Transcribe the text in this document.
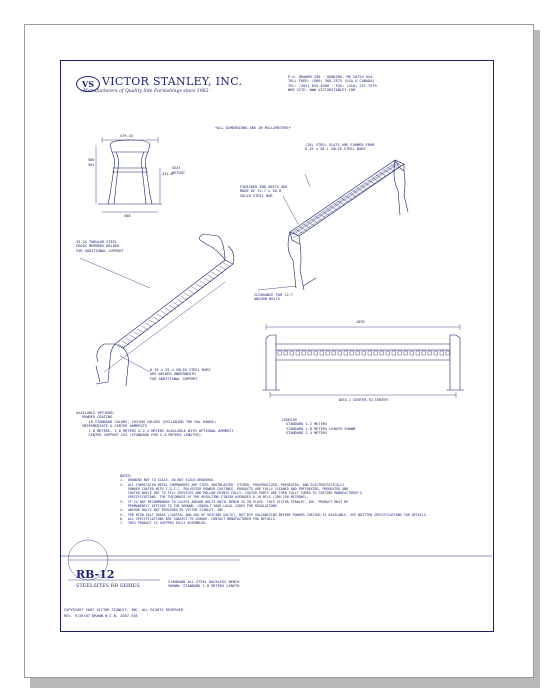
VS VICTOR STANLEY, INC.
- Manufacturers of Quality Site Furnishings since 1962 -
P.O. DRAWER 330 · DUNKIRK, MD 20754 USA
TOLL FREE: (800) 368-2573 (USA & CANADA)
TEL: (301) 855-8300 · FAX: (410) 257-7579
WEB SITE: WWW.VICTORSTANLEY.COM
*ALL DIMENSIONS ARE IN MILLIMETERS*
479.43
586
564
431.8
SEAT
HEIGHT
508
(28) STEEL SLATS ARE FORMED FROM
6.35 x 38.1 SOLID STEEL BARS
FINISHED END UNITS ARE
MADE OF 12.7 x 50.8
SOLID STEEL BAR
CLEARANCE FOR 12.7
ANCHOR BOLTS
33.34 TUBULAR STEEL
CROSS MEMBERS WELDED
FOR ADDITIONAL SUPPORT
6.35 x 25.4 SOLID STEEL BARS
ARE WELDED UNDERNEATH
FOR ADDITIONAL SUPPORT
1895
1854.2 CENTER-TO-CENTER
AVAILABLE OPTIONS:
POWDER COATING
18 STANDARD COLORS, CUSTOM COLORS (EXCLUDING THE RAL RANGE)
INTERMEDIATE & CENTER ARMRESTS
1.8 METERS, 1.8 METERS & 2.4 METERS AVAILABLE WITH OPTIONAL ARMREST
CENTER SUPPORT LEG (STANDARD FOR 2.4 METERS LENGTHS)
LENGTHS
STANDARD 1.2 METERS
STANDARD 1.8 METERS LENGTH SHOWN
STANDARD 2.4 METERS
NOTES:
1.  DRAWING NOT TO SCALE. DO NOT SCALE DRAWINGS.
2.  ALL FABRICATED METAL COMPONENTS ARE STEEL SHOTBLASTED, ETCHED, PHOSPHATIZED, PREHEATED, AND ELECTROSTATICALLY
POWDER COATED WITH T.G.I.C. POLYESTER POWDER COATINGS. PRODUCTS ARE FULLY CLEANED AND PRETREATED, PREHEATED AND
COATED WHILE HOT TO FILL CREVICES AND HOLLOW POINTS FULLY. COATED PARTS ARE THEN FULLY CURED TO COATING MANUFACTURER'S
SPECIFICATIONS. THE THICKNESS OF THE RESULTING FINISH AVERAGES 8-10 MILS (200-250 MICRONS).
3.  IT IS NOT RECOMMENDED TO LOCATE ANCHOR BOLTS UNTIL BENCH IS IN PLACE. THIS VICTOR STANLEY, INC. PRODUCT MUST BE
PERMANENTLY AFFIXED TO THE GROUND. CONSULT YOUR LOCAL CODES FOR REGULATIONS.
4.  ANCHOR BOLTS NOT PROVIDED BY VICTOR STANLEY, INC.
5.  FOR HIGH SALT AREAS (COASTAL AND USE OF DEICING SALTS), HOT DIP GALVANIZING BEFORE POWDER COATING IS AVAILABLE, SEE WRITTEN SPECIFICATIONS FOR DETAILS.
6.  ALL SPECIFICATIONS ARE SUBJECT TO CHANGE. CONTACT MANUFACTURER FOR DETAILS.
7.  THIS PRODUCT IS SHIPPED FULLY ASSEMBLED.
RB-12
STEELSITES RB SERIES
STANDARD ALL STEEL BACKLESS BENCH
SHOWN: STANDARD 1.8 METERS LENGTH
COPYRIGHT 2007 VICTOR STANLEY, INC. ALL RIGHTS RESERVED
REV. 9/28/07 DRAWN N.C.N. 2007-538
